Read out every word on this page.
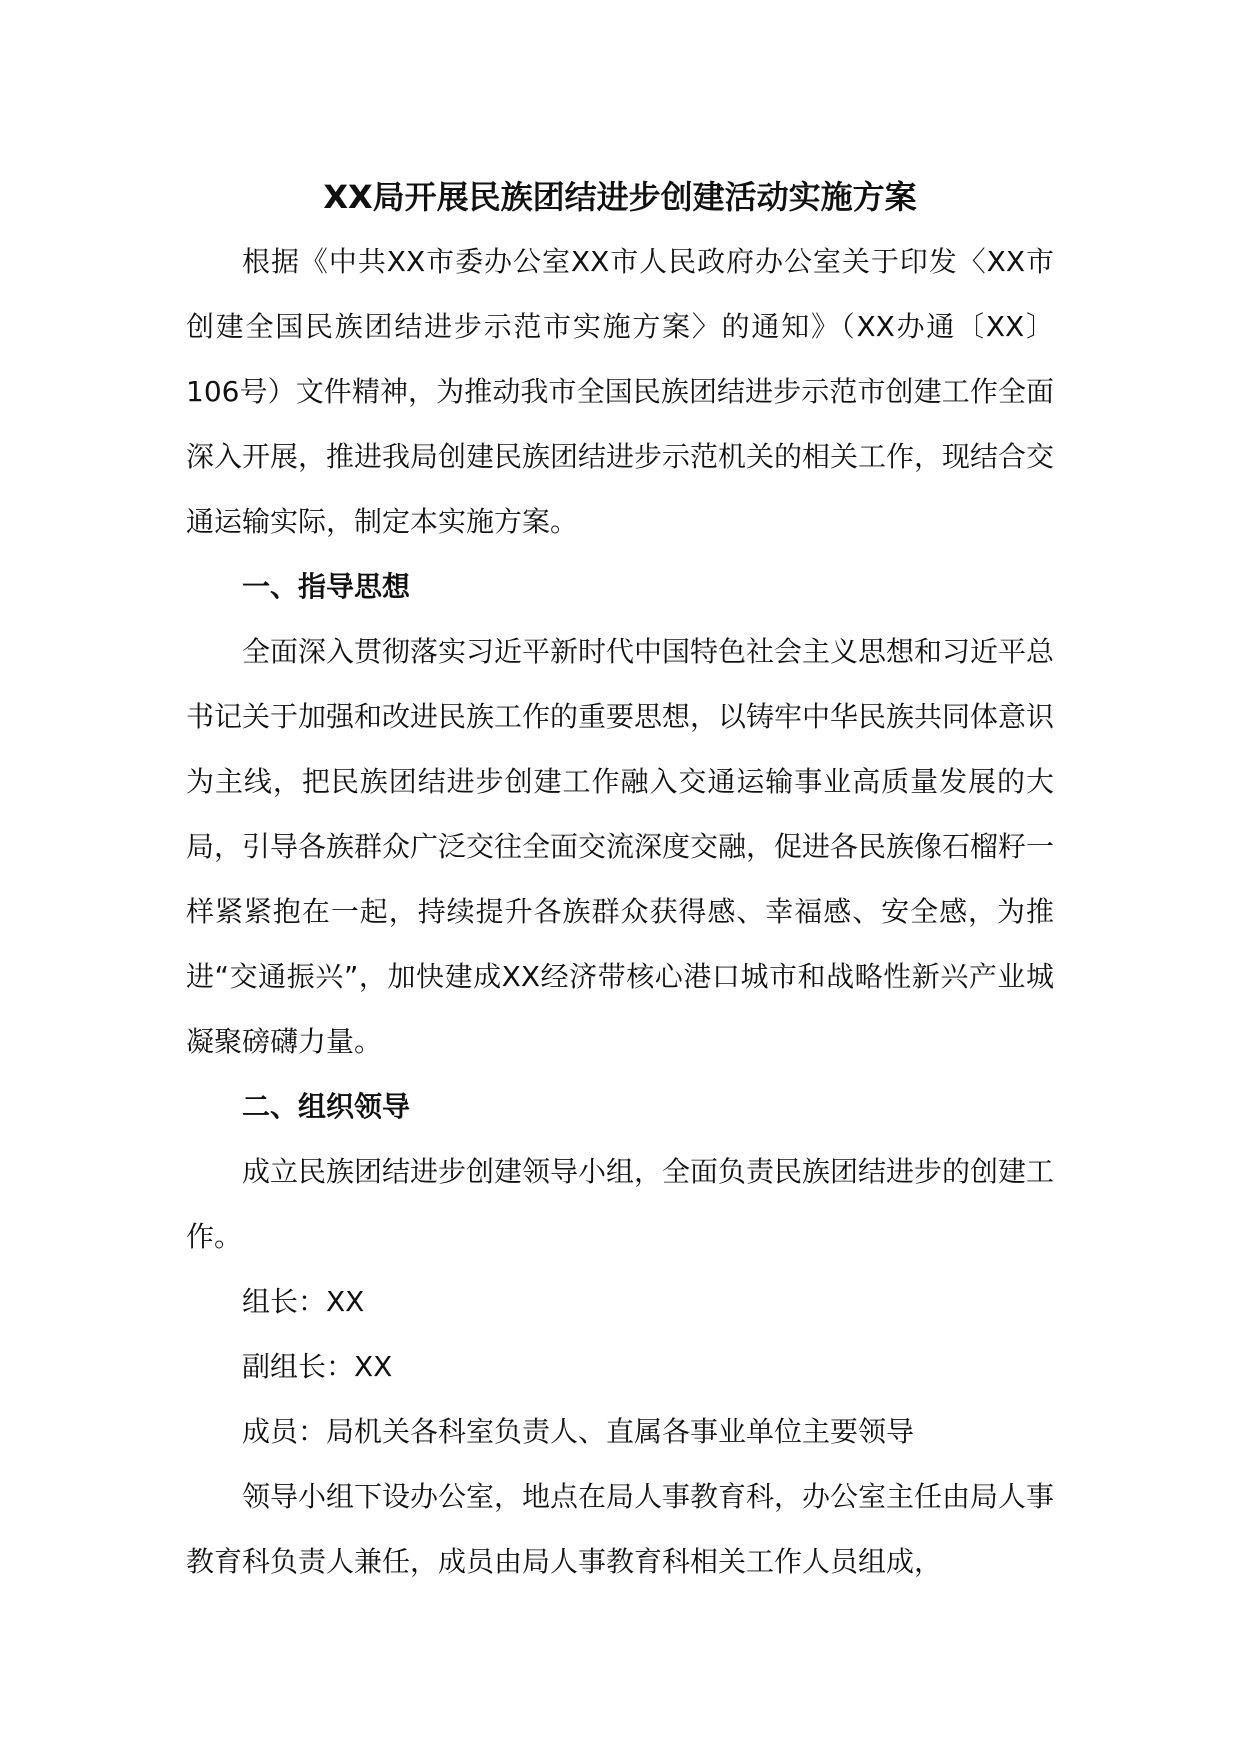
XX局开展民族团结进步创建活动实施方案

根据《中共XX市委办公室XX市人民政府办公室关于印发〈XX市创建全国民族团结进步示范市实施方案〉的通知》（XX办通〔XX〕106号）文件精神，为推动我市全国民族团结进步示范市创建工作全面深入开展，推进我局创建民族团结进步示范机关的相关工作，现结合交通运输实际，制定本实施方案。

一、指导思想

全面深入贯彻落实习近平新时代中国特色社会主义思想和习近平总书记关于加强和改进民族工作的重要思想，以铸牢中华民族共同体意识为主线，把民族团结进步创建工作融入交通运输事业高质量发展的大局，引导各族群众广泛交往全面交流深度交融，促进各民族像石榴籽一样紧紧抱在一起，持续提升各族群众获得感、幸福感、安全感，为推进“交通振兴”，加快建成XX经济带核心港口城市和战略性新兴产业城凝聚磅礴力量。

二、组织领导

成立民族团结进步创建领导小组，全面负责民族团结进步的创建工作。

组长：XX

副组长：XX

成员：局机关各科室负责人、直属各事业单位主要领导

领导小组下设办公室，地点在局人事教育科，办公室主任由局人事教育科负责人兼任，成员由局人事教育科相关工作人员组成，
